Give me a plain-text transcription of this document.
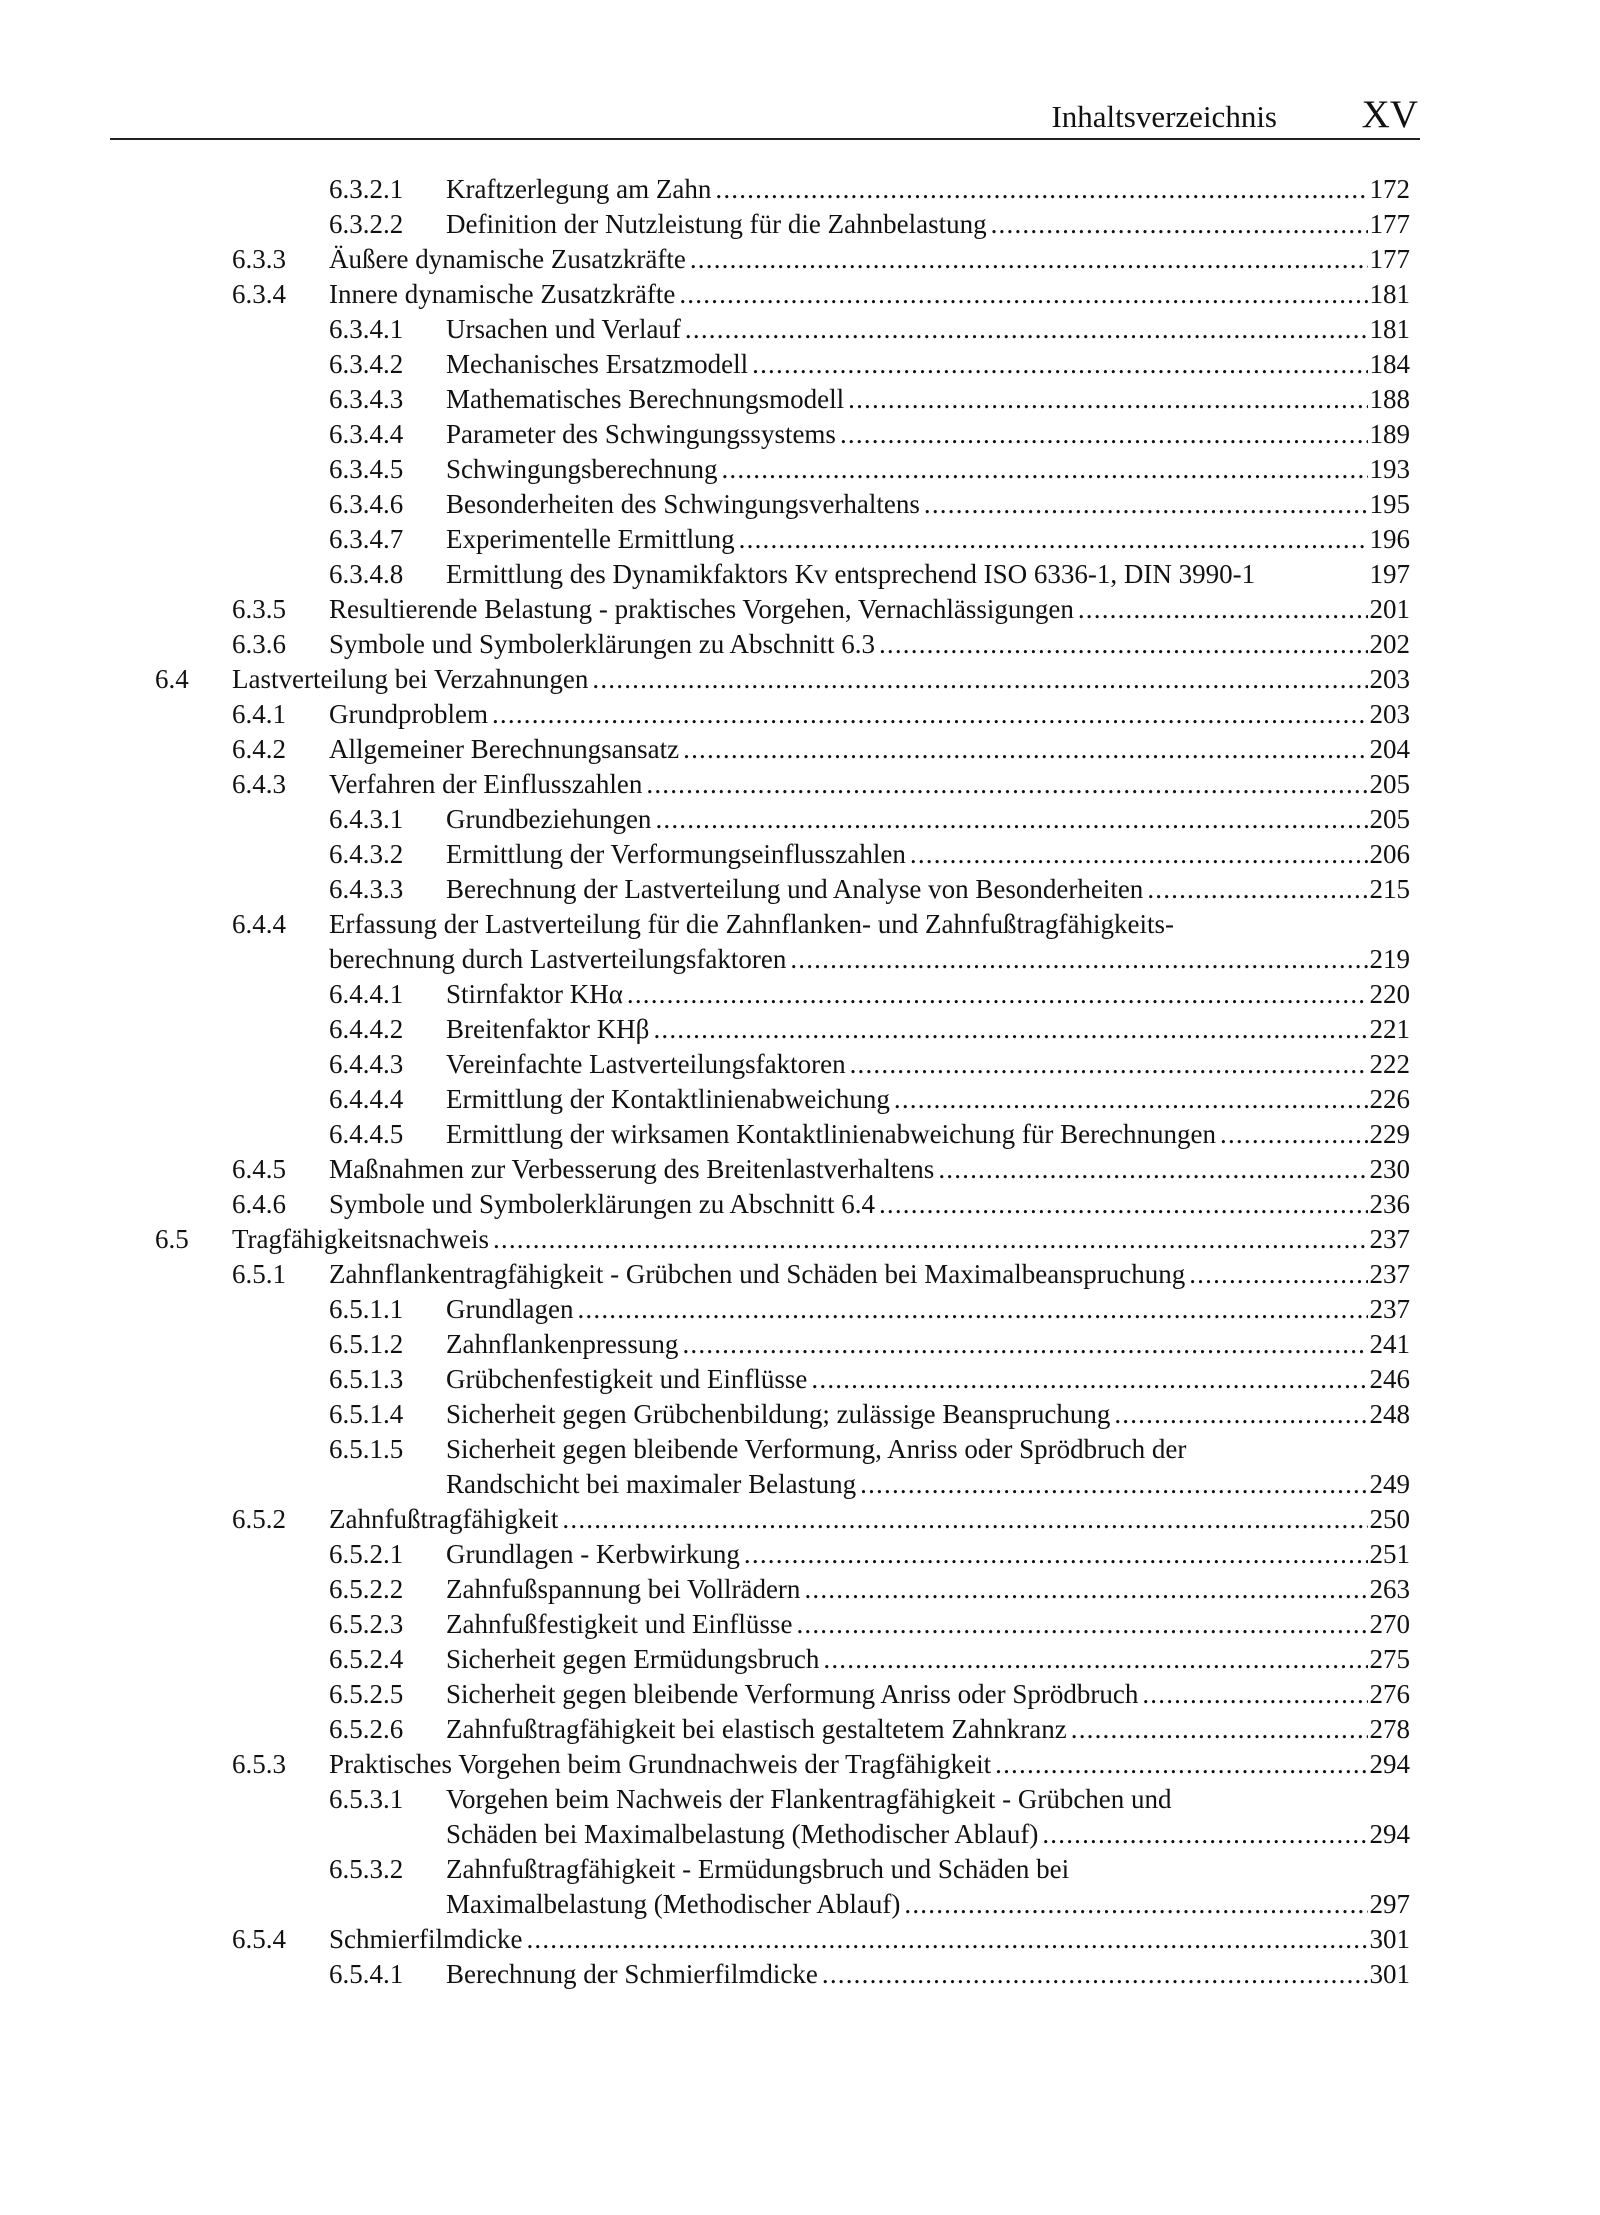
Inhaltsverzeichnis XV
6.3.2.1	Kraftzerlegung am Zahn .....	172
6.3.2.2	Definition der Nutzleistung für die Zahnbelastung .....	177
6.3.3	Äußere dynamische Zusatzkräfte .....	177
6.3.4	Innere dynamische Zusatzkräfte .....	181
6.3.4.1	Ursachen und Verlauf .....	181
6.3.4.2	Mechanisches Ersatzmodell .....	184
6.3.4.3	Mathematisches Berechnungsmodell .....	188
6.3.4.4	Parameter des Schwingungssystems .....	189
6.3.4.5	Schwingungsberechnung .....	193
6.3.4.6	Besonderheiten des Schwingungsverhaltens .....	195
6.3.4.7	Experimentelle Ermittlung .....	196
6.3.4.8	Ermittlung des Dynamikfaktors Kv entsprechend ISO 6336-1, DIN 3990-1	197
6.3.5	Resultierende Belastung - praktisches Vorgehen, Vernachlässigungen .....	201
6.3.6	Symbole und Symbolerklärungen zu Abschnitt 6.3 .....	202
6.4	Lastverteilung bei Verzahnungen .....	203
6.4.1	Grundproblem .....	203
6.4.2	Allgemeiner Berechnungsansatz .....	204
6.4.3	Verfahren der Einflusszahlen .....	205
6.4.3.1	Grundbeziehungen .....	205
6.4.3.2	Ermittlung der Verformungseinflusszahlen .....	206
6.4.3.3	Berechnung der Lastverteilung und Analyse von Besonderheiten .....	215
6.4.4	Erfassung der Lastverteilung für die Zahnflanken- und Zahnfußtragfähigkeits-
berechnung durch Lastverteilungsfaktoren .....	219
6.4.4.1	Stirnfaktor KHα .....	220
6.4.4.2	Breitenfaktor KHβ .....	221
6.4.4.3	Vereinfachte Lastverteilungsfaktoren .....	222
6.4.4.4	Ermittlung der Kontaktlinienabweichung .....	226
6.4.4.5	Ermittlung der wirksamen Kontaktlinienabweichung für Berechnungen .....	229
6.4.5	Maßnahmen zur Verbesserung des Breitenlastverhaltens .....	230
6.4.6	Symbole und Symbolerklärungen zu Abschnitt 6.4 .....	236
6.5	Tragfähigkeitsnachweis .....	237
6.5.1	Zahnflankentragfähigkeit - Grübchen und Schäden bei Maximalbeanspruchung .....	237
6.5.1.1	Grundlagen .....	237
6.5.1.2	Zahnflankenpressung .....	241
6.5.1.3	Grübchenfestigkeit und Einflüsse .....	246
6.5.1.4	Sicherheit gegen Grübchenbildung; zulässige Beanspruchung .....	248
6.5.1.5	Sicherheit gegen bleibende Verformung, Anriss oder Sprödbruch der
Randschicht bei maximaler Belastung .....	249
6.5.2	Zahnfußtragfähigkeit .....	250
6.5.2.1	Grundlagen - Kerbwirkung .....	251
6.5.2.2	Zahnfußspannung bei Vollrädern .....	263
6.5.2.3	Zahnfußfestigkeit und Einflüsse .....	270
6.5.2.4	Sicherheit gegen Ermüdungsbruch .....	275
6.5.2.5	Sicherheit gegen bleibende Verformung Anriss oder Sprödbruch .....	276
6.5.2.6	Zahnfußtragfähigkeit bei elastisch gestaltetem Zahnkranz .....	278
6.5.3	Praktisches Vorgehen beim Grundnachweis der Tragfähigkeit .....	294
6.5.3.1	Vorgehen beim Nachweis der Flankentragfähigkeit - Grübchen und
Schäden bei Maximalbelastung (Methodischer Ablauf) .....	294
6.5.3.2	Zahnfußtragfähigkeit - Ermüdungsbruch und Schäden bei
Maximalbelastung (Methodischer Ablauf) .....	297
6.5.4	Schmierfilmdicke .....	301
6.5.4.1	Berechnung der Schmierfilmdicke .....	301
